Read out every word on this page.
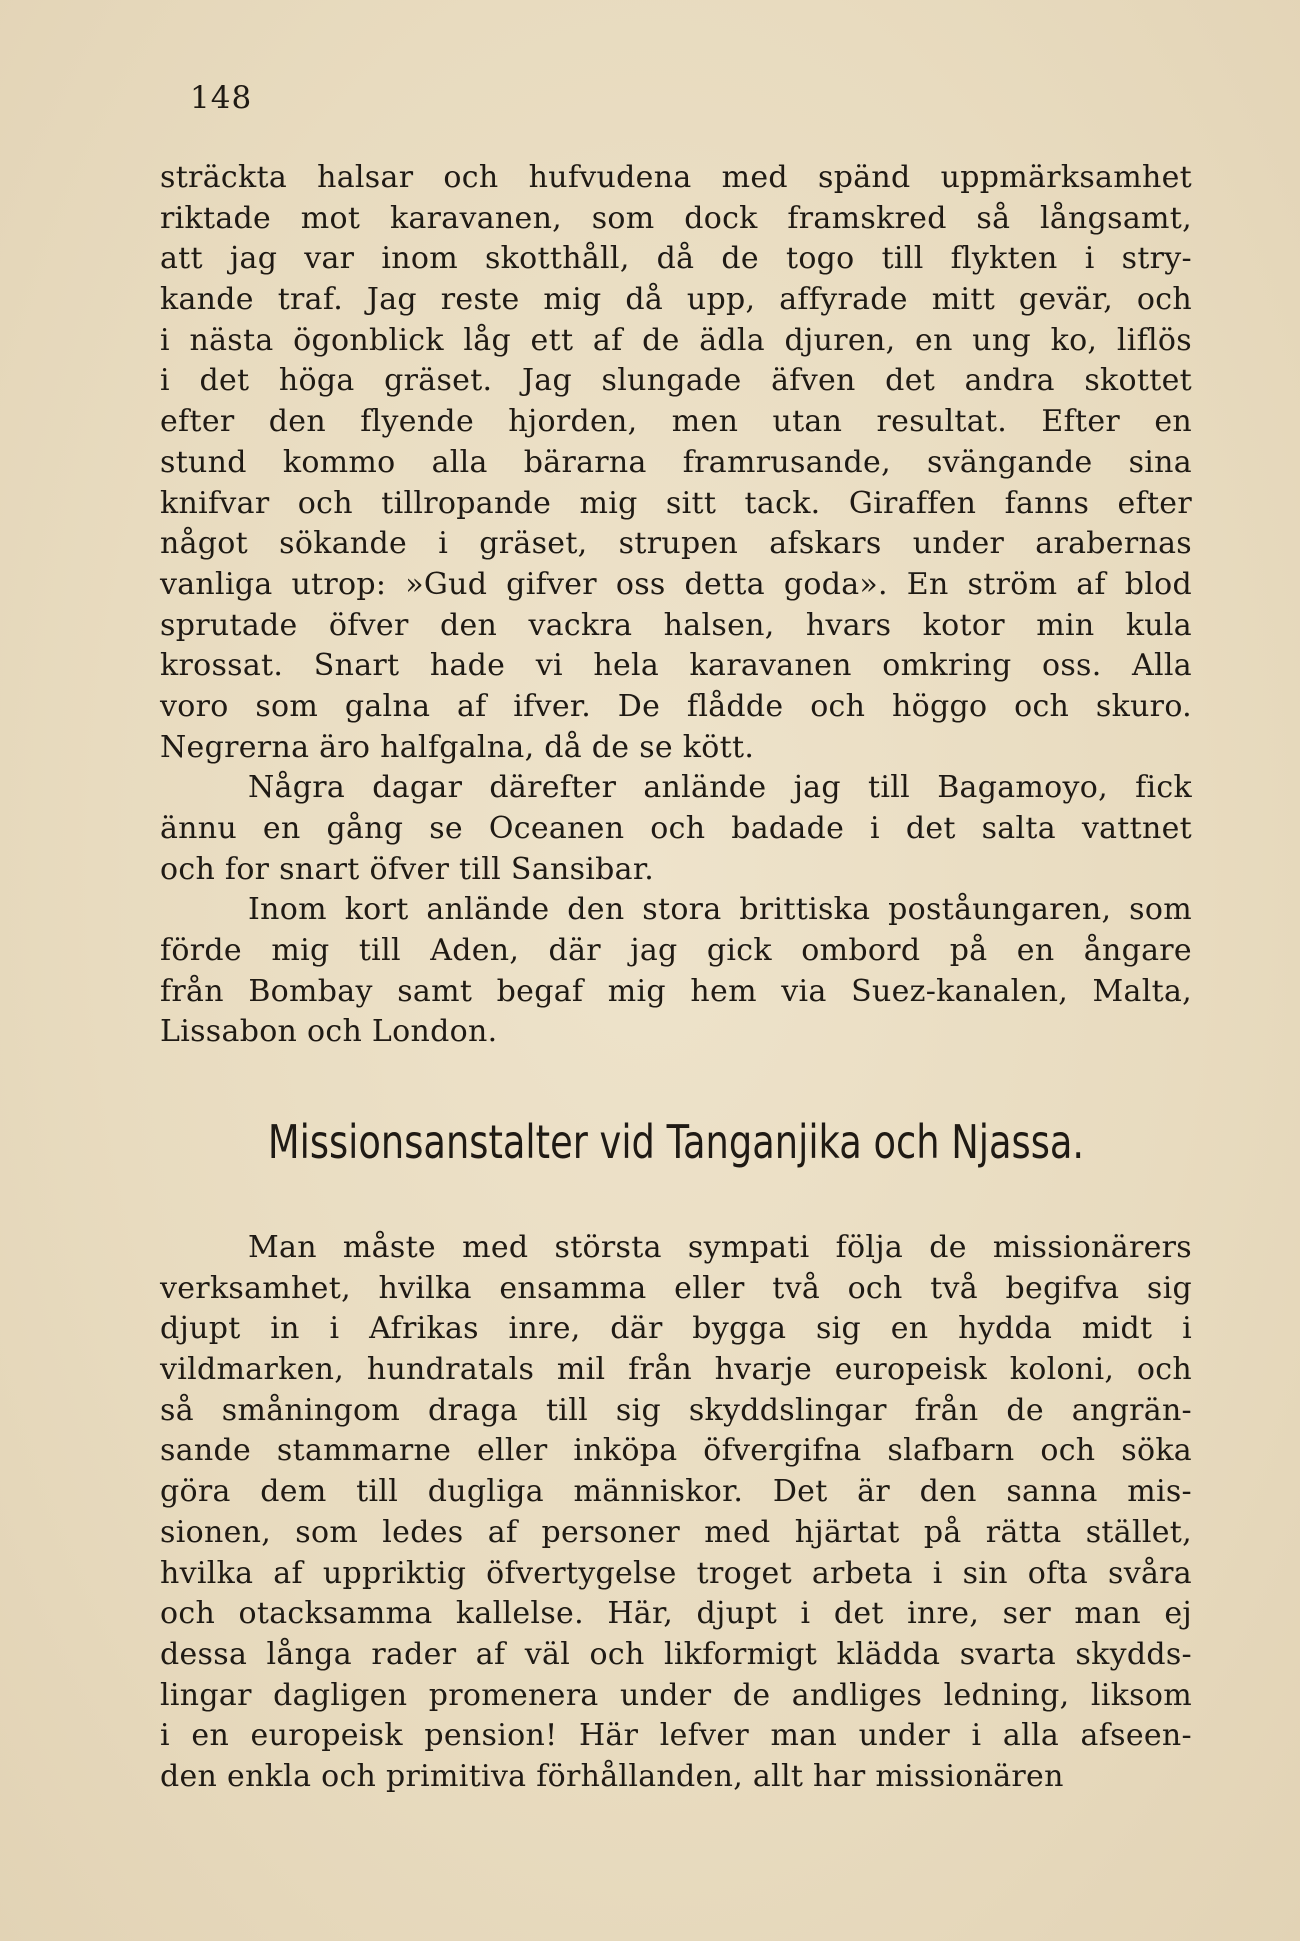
148
sträckta halsar och hufvudena med spänd uppmärksamhet
riktade mot karavanen, som dock framskred så långsamt,
att jag var inom skotthåll, då de togo till flykten i stry-
kande traf. Jag reste mig då upp, affyrade mitt gevär, och
i nästa ögonblick låg ett af de ädla djuren, en ung ko, liflös
i det höga gräset. Jag slungade äfven det andra skottet
efter den flyende hjorden, men utan resultat. Efter en
stund kommo alla bärarna framrusande, svängande sina
knifvar och tillropande mig sitt tack. Giraffen fanns efter
något sökande i gräset, strupen afskars under arabernas
vanliga utrop: »Gud gifver oss detta goda». En ström af blod
sprutade öfver den vackra halsen, hvars kotor min kula
krossat. Snart hade vi hela karavanen omkring oss. Alla
voro som galna af ifver. De flådde och höggo och skuro.
Negrerna äro halfgalna, då de se kött.
Några dagar därefter anlände jag till Bagamoyo, fick
ännu en gång se Oceanen och badade i det salta vattnet
och for snart öfver till Sansibar.
Inom kort anlände den stora brittiska poståungaren, som
förde mig till Aden, där jag gick ombord på en ångare
från Bombay samt begaf mig hem via Suez-kanalen, Malta,
Lissabon och London.
Missionsanstalter vid Tanganjika och Njassa.
Man måste med största sympati följa de missionärers
verksamhet, hvilka ensamma eller två och två begifva sig
djupt in i Afrikas inre, där bygga sig en hydda midt i
vildmarken, hundratals mil från hvarje europeisk koloni, och
så småningom draga till sig skyddslingar från de angrän-
sande stammarne eller inköpa öfvergifna slafbarn och söka
göra dem till dugliga människor. Det är den sanna mis-
sionen, som ledes af personer med hjärtat på rätta stället,
hvilka af uppriktig öfvertygelse troget arbeta i sin ofta svåra
och otacksamma kallelse. Här, djupt i det inre, ser man ej
dessa långa rader af väl och likformigt klädda svarta skydds-
lingar dagligen promenera under de andliges ledning, liksom
i en europeisk pension! Här lefver man under i alla afseen-
den enkla och primitiva förhållanden, allt har missionären
